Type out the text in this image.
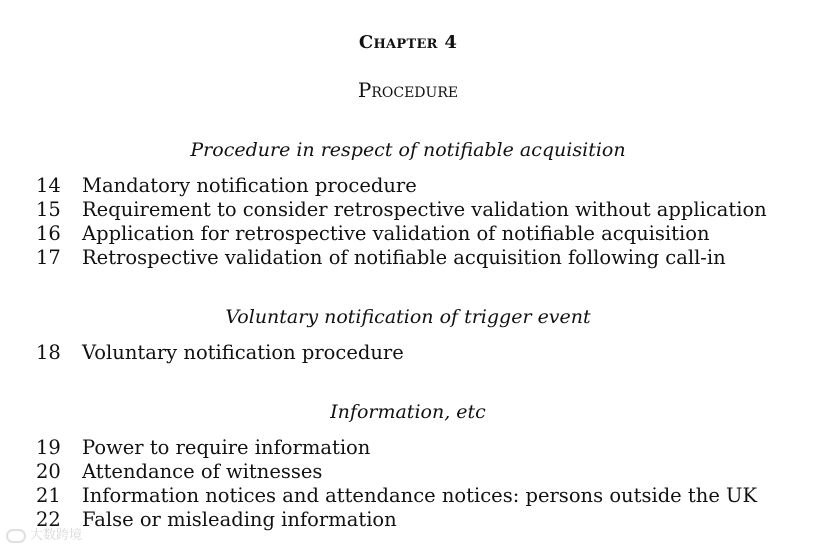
Chapter 4
Procedure
Procedure in respect of notifiable acquisition
14 Mandatory notification procedure
15 Requirement to consider retrospective validation without application
16 Application for retrospective validation of notifiable acquisition
17 Retrospective validation of notifiable acquisition following call-in
Voluntary notification of trigger event
18 Voluntary notification procedure
Information, etc
19 Power to require information
20 Attendance of witnesses
21 Information notices and attendance notices: persons outside the UK
22 False or misleading information
大数跨境
